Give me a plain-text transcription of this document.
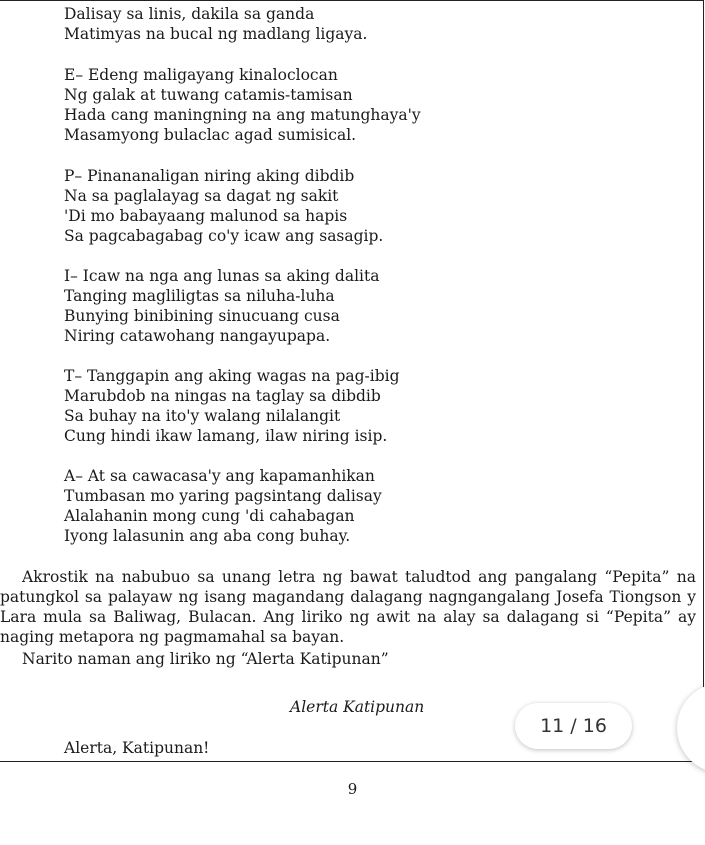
Dalisay sa linis, dakila sa ganda
Matimyas na bucal ng madlang ligaya.
E– Edeng maligayang kinaloclocan
Ng galak at tuwang catamis-tamisan
Hada cang maningning na ang matunghaya'y
Masamyong bulaclac agad sumisical.
P– Pinananaligan niring aking dibdib
Na sa paglalayag sa dagat ng sakit
'Di mo babayaang malunod sa hapis
Sa pagcabagabag co'y icaw ang sasagip.
I– Icaw na nga ang lunas sa aking dalita
Tanging magliligtas sa niluha-luha
Bunying binibining sinucuang cusa
Niring catawohang nangayupapa.
T– Tanggapin ang aking wagas na pag-ibig
Marubdob na ningas na taglay sa dibdib
Sa buhay na ito'y walang nilalangit
Cung hindi ikaw lamang, ilaw niring isip.
A– At sa cawacasa'y ang kapamanhikan
Tumbasan mo yaring pagsintang dalisay
Alalahanin mong cung 'di cahabagan
Iyong lalasunin ang aba cong buhay.
Akrostik na nabubuo sa unang letra ng bawat taludtod ang pangalang “Pepita” na patungkol sa palayaw ng isang magandang dalagang nagngangalang Josefa Tiongson y Lara mula sa Baliwag, Bulacan. Ang liriko ng awit na alay sa dalagang si “Pepita” ay naging metapora ng pagmamahal sa bayan.
Narito naman ang liriko ng “Alerta Katipunan”
Alerta Katipunan
Alerta, Katipunan!
11 / 16
9
